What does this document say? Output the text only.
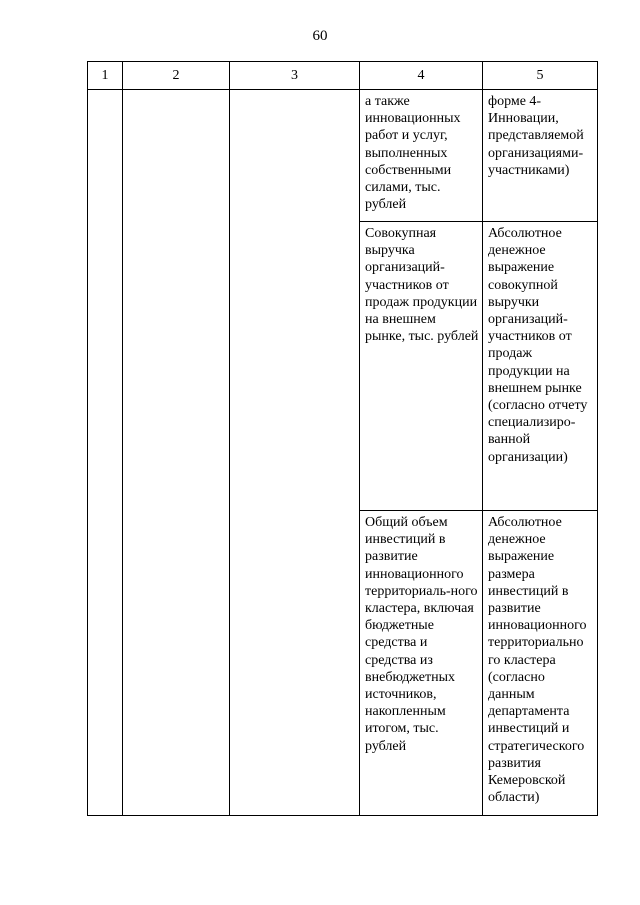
60
1	2	3	4	5

			а также инновационных работ и услуг, выполненных собственными силами, тыс. рублей	форме 4-Инновации, представляемой организациями-участниками)

			Совокупная выручка организаций-участников от продаж продукции на внешнем рынке, тыс. рублей	Абсолютное денежное выражение совокупной выручки организаций-участников от продаж продукции на внешнем рынке (согласно отчету специализиро-ванной организации)

			Общий объем инвестиций в развитие инновационного территориаль-ного кластера, включая бюджетные средства и средства из внебюджетных источников, накопленным итогом, тыс. рублей	Абсолютное денежное выражение размера инвестиций в развитие инновационного территориально го кластера (согласно данным департамента инвестиций и стратегического развития Кемеровской области)
